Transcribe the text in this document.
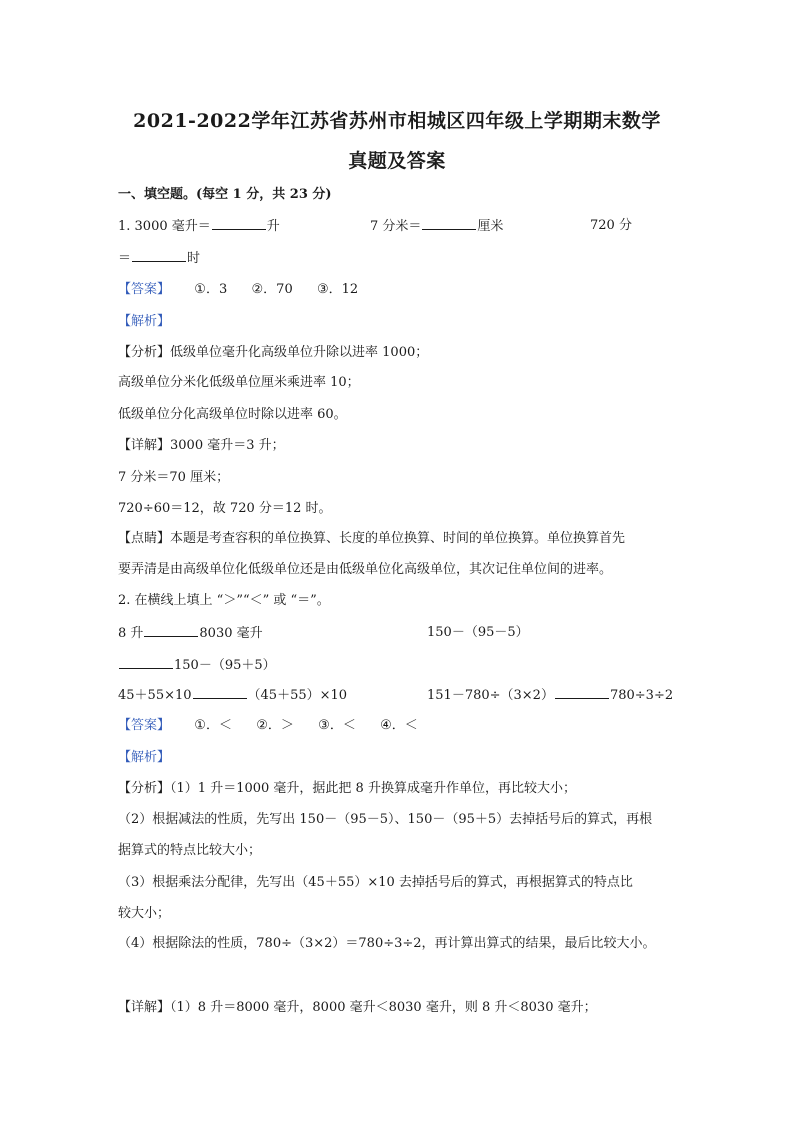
2021-2022学年江苏省苏州市相城区四年级上学期期末数学
真题及答案
一、填空题。(每空 1 分，共 23 分)
1. 3000 毫升＝	升	7 分米＝	厘米	720 分
＝	时
【答案】 ①．3 ②．70 ③．12
【解析】
【分析】低级单位毫升化高级单位升除以进率 1000；
高级单位分米化低级单位厘米乘进率 10；
低级单位分化高级单位时除以进率 60。
【详解】3000 毫升＝3 升；
7 分米＝70 厘米；
720÷60＝12，故 720 分＝12 时。
【点睛】本题是考查容积的单位换算、长度的单位换算、时间的单位换算。单位换算首先
要弄清是由高级单位化低级单位还是由低级单位化高级单位，其次记住单位间的进率。
2. 在横线上填上 “＞”“＜” 或 “＝”。
8 升	8030 毫升	150－（95－5）
150－（95＋5）
45＋55×10	（45＋55）×10	151－780÷（3×2）	780÷3÷2
【答案】 ①．＜ ②．＞ ③．＜ ④．＜
【解析】
【分析】（1）1 升＝1000 毫升，据此把 8 升换算成毫升作单位，再比较大小；
（2）根据减法的性质，先写出 150－（95－5）、150－（95＋5）去掉括号后的算式，再根
据算式的特点比较大小；
（3）根据乘法分配律，先写出（45＋55）×10 去掉括号后的算式，再根据算式的特点比
较大小；
（4）根据除法的性质，780÷（3×2）＝780÷3÷2，再计算出算式的结果，最后比较大小。
【详解】（1）8 升＝8000 毫升，8000 毫升＜8030 毫升，则 8 升＜8030 毫升；
